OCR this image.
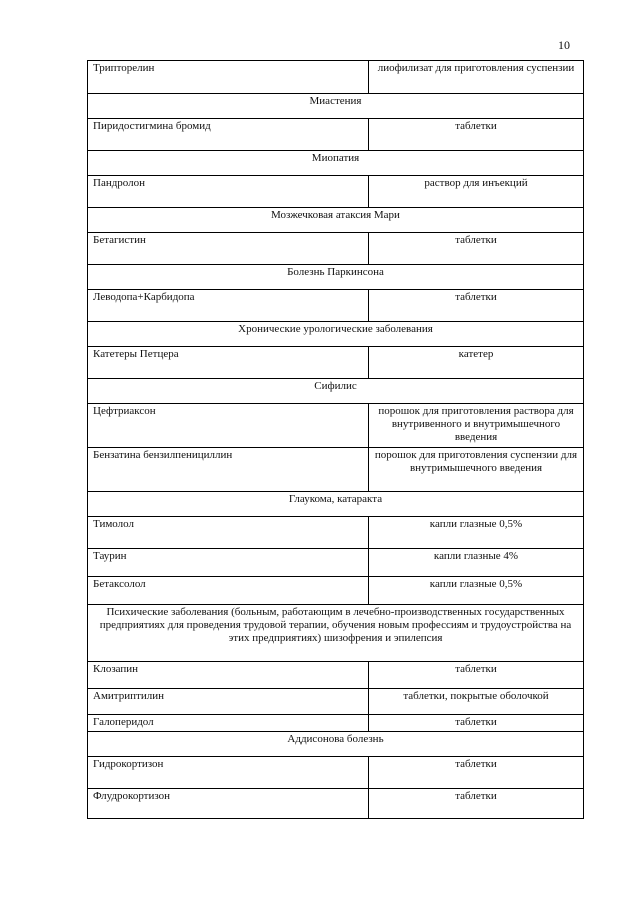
10
Трипторелин	лиофилизат для приготовления суспензии
Миастения	
Пиридостигмина бромид	таблетки
Миопатия	
Пандролон	раствор для инъекций
Мозжечковая атаксия Мари	
Бетагистин	таблетки
Болезнь Паркинсона	
Леводопа+Карбидопа	таблетки
Хронические урологические заболевания	
Катетеры Петцера	катетер
Сифилис	
Цефтриаксон	порошок для приготовления раствора для внутривенного и внутримышечного введения
Бензатина бензилпенициллин	порошок для приготовления суспензии для внутримышечного введения
Глаукома, катаракта	
Тимолол	капли глазные 0,5%
Таурин	капли глазные 4%
Бетаксолол	капли глазные 0,5%
Психические заболевания (больным, работающим в лечебно-производственных государственных предприятиях для проведения трудовой терапии, обучения новым профессиям и трудоустройства на этих предприятиях) шизофрения и эпилепсия	
Клозапин	таблетки
Амитриптилин	таблетки, покрытые оболочкой
Галоперидол	таблетки
Аддисонова болезнь	
Гидрокортизон	таблетки
Флудрокортизон	таблетки
